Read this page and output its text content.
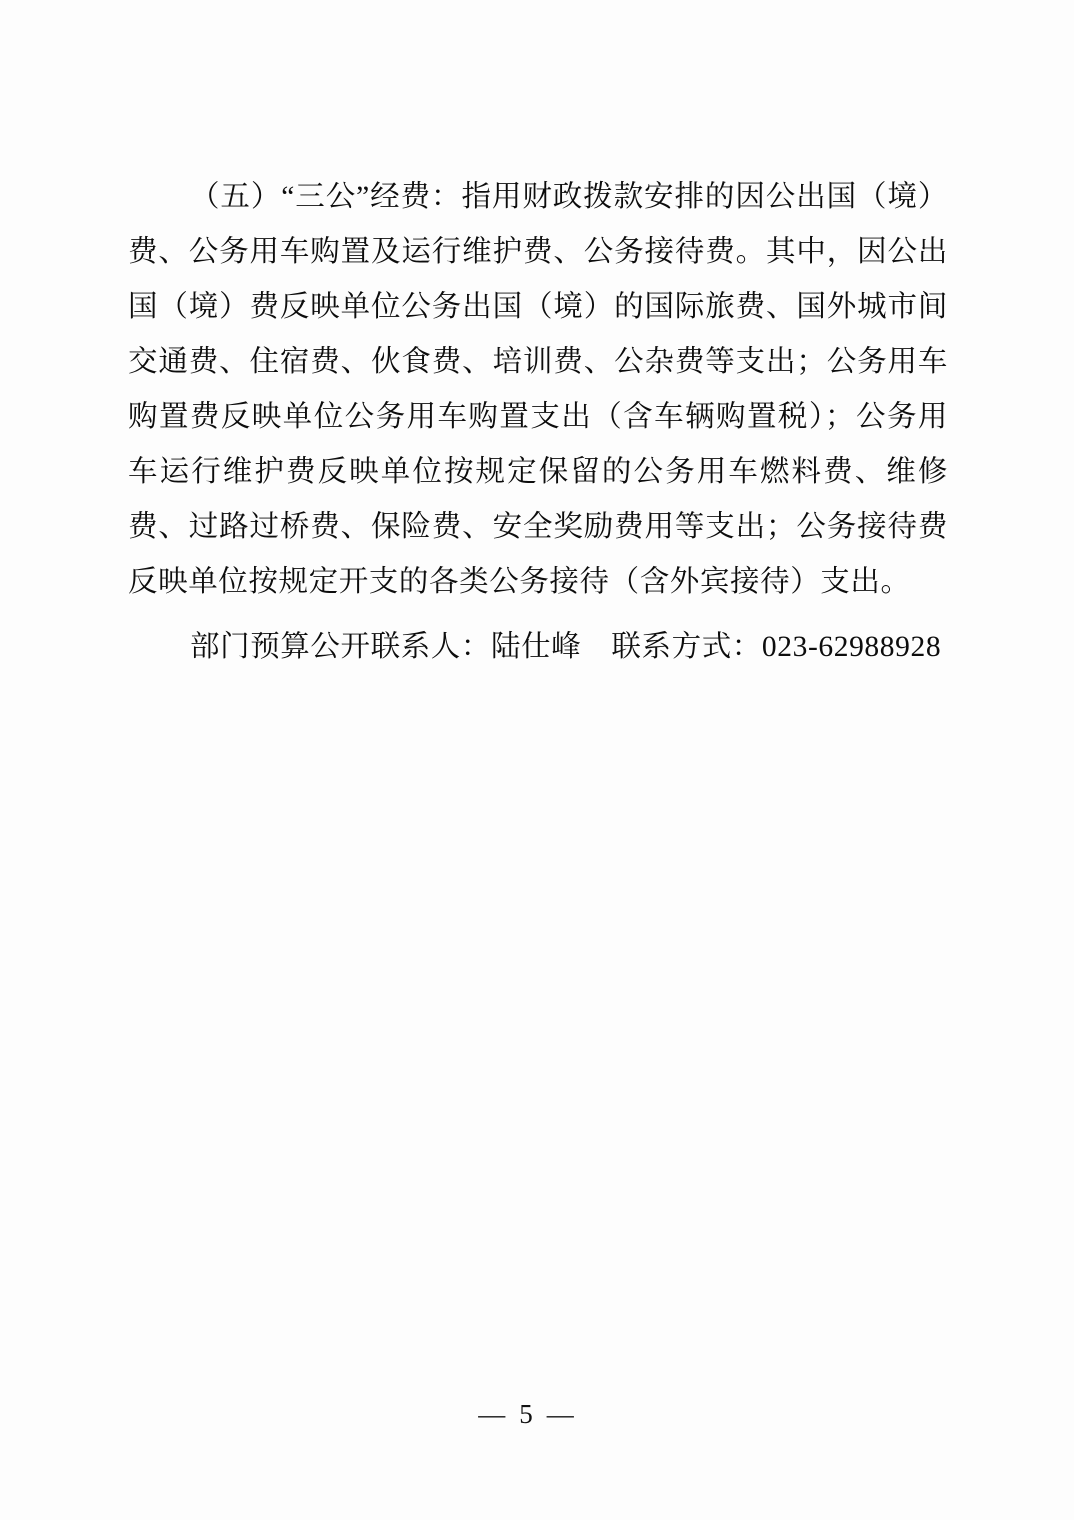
（五）“三公”经费：指用财政拨款安排的因公出国（境）费、公务用车购置及运行维护费、公务接待费。其中，因公出国（境）费反映单位公务出国（境）的国际旅费、国外城市间交通费、住宿费、伙食费、培训费、公杂费等支出；公务用车购置费反映单位公务用车购置支出（含车辆购置税）；公务用车运行维护费反映单位按规定保留的公务用车燃料费、维修费、过路过桥费、保险费、安全奖励费用等支出；公务接待费反映单位按规定开支的各类公务接待（含外宾接待）支出。

部门预算公开联系人：陆仕峰　联系方式：023-62988928

— 5 —
